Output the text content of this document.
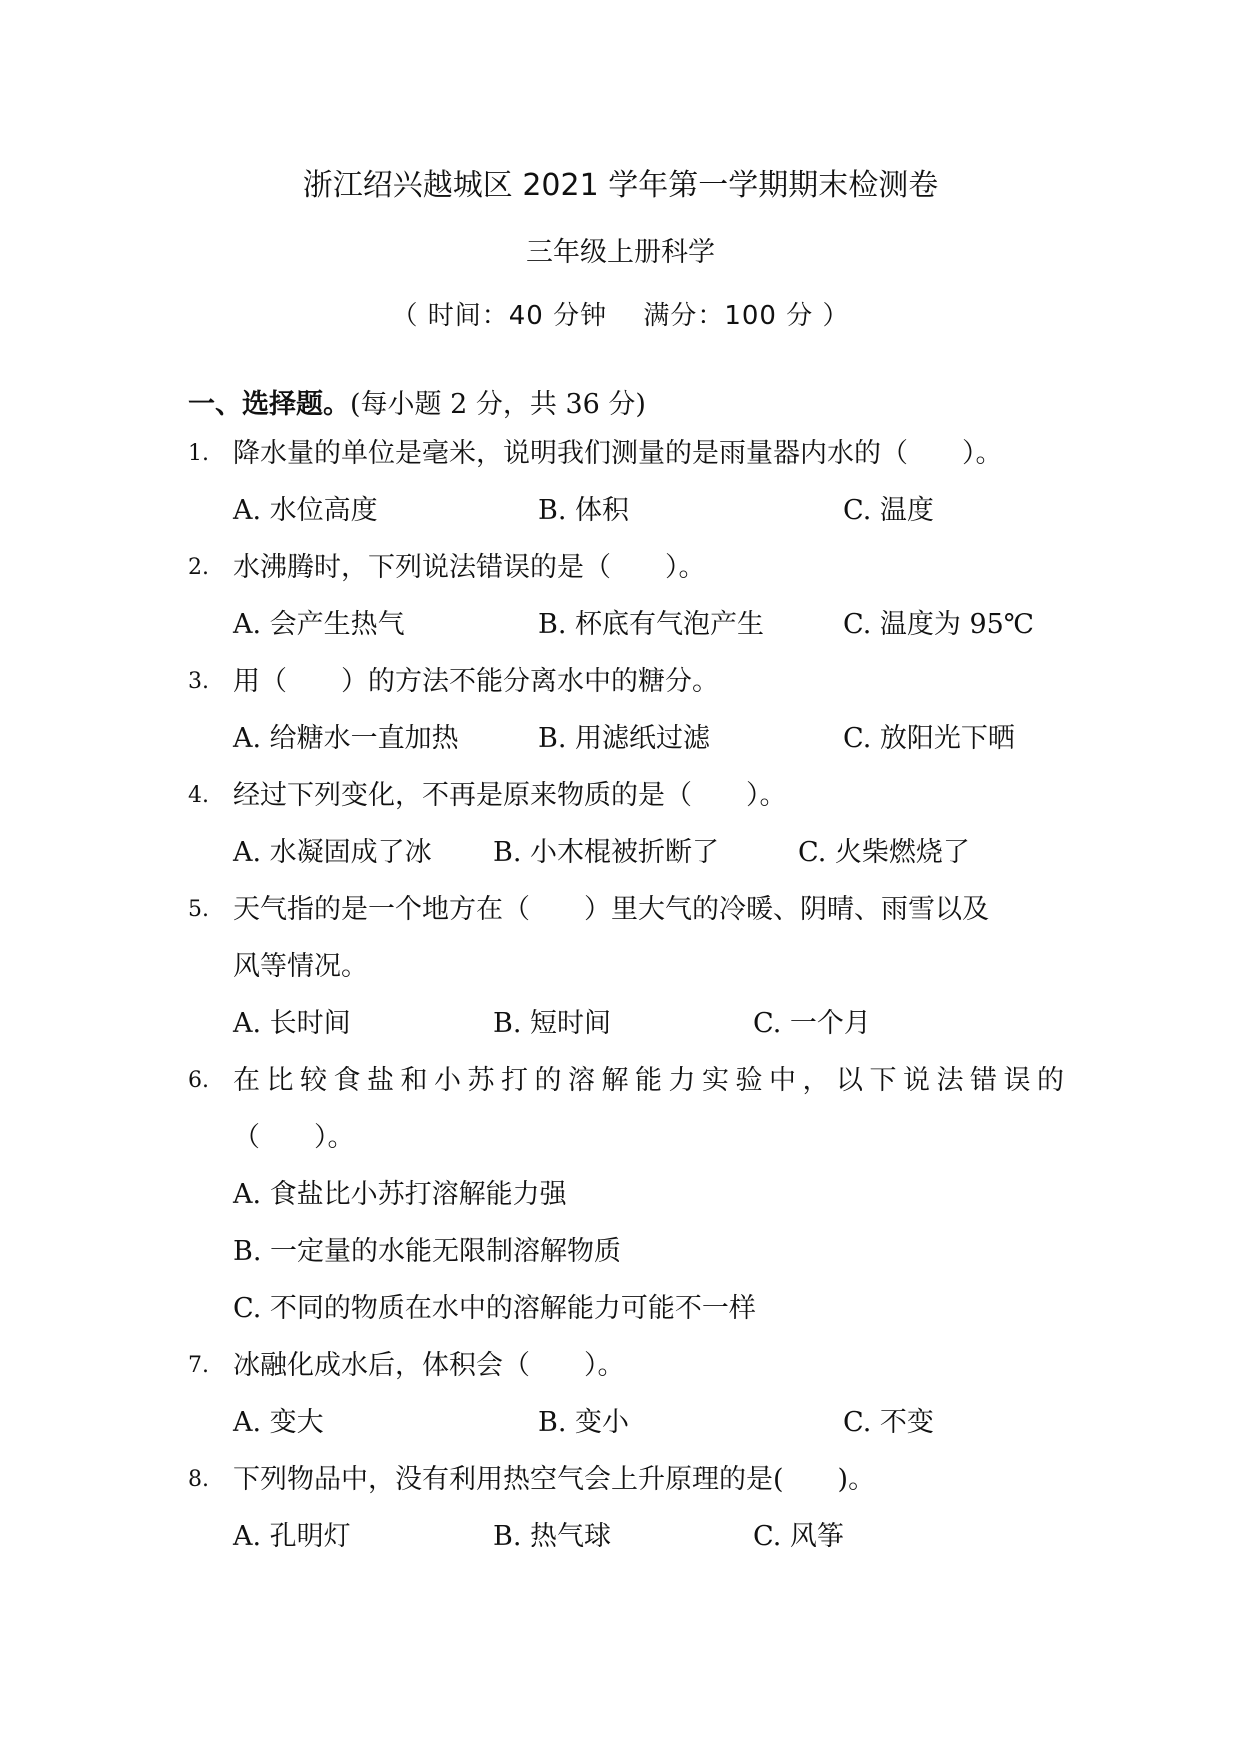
浙江绍兴越城区 2021 学年第一学期期末检测卷
三年级上册科学
（ 时间：40 分钟　 满分：100 分 ）
一、选择题。(每小题 2 分，共 36 分)
1. 降水量的单位是毫米，说明我们测量的是雨量器内水的（　　）。
A. 水位高度	B. 体积	C. 温度
2. 水沸腾时，下列说法错误的是（　　）。
A. 会产生热气	B. 杯底有气泡产生	C. 温度为 95℃
3. 用（　　）的方法不能分离水中的糖分。
A. 给糖水一直加热	B. 用滤纸过滤	C. 放阳光下晒
4. 经过下列变化，不再是原来物质的是（　　）。
A. 水凝固成了冰 B. 小木棍被折断了	C. 火柴燃烧了
5. 天气指的是一个地方在（　　）里大气的冷暖、阴晴、雨雪以及
风等情况。
A. 长时间	B. 短时间	C. 一个月
6. 在比较食盐和小苏打的溶解能力实验中，以下说法错误的
（　　）。
A. 食盐比小苏打溶解能力强
B. 一定量的水能无限制溶解物质
C. 不同的物质在水中的溶解能力可能不一样
7. 冰融化成水后，体积会（　　）。
A. 变大	B. 变小	C. 不变
8. 下列物品中，没有利用热空气会上升原理的是(　　)。
A. 孔明灯	B. 热气球	C. 风筝
